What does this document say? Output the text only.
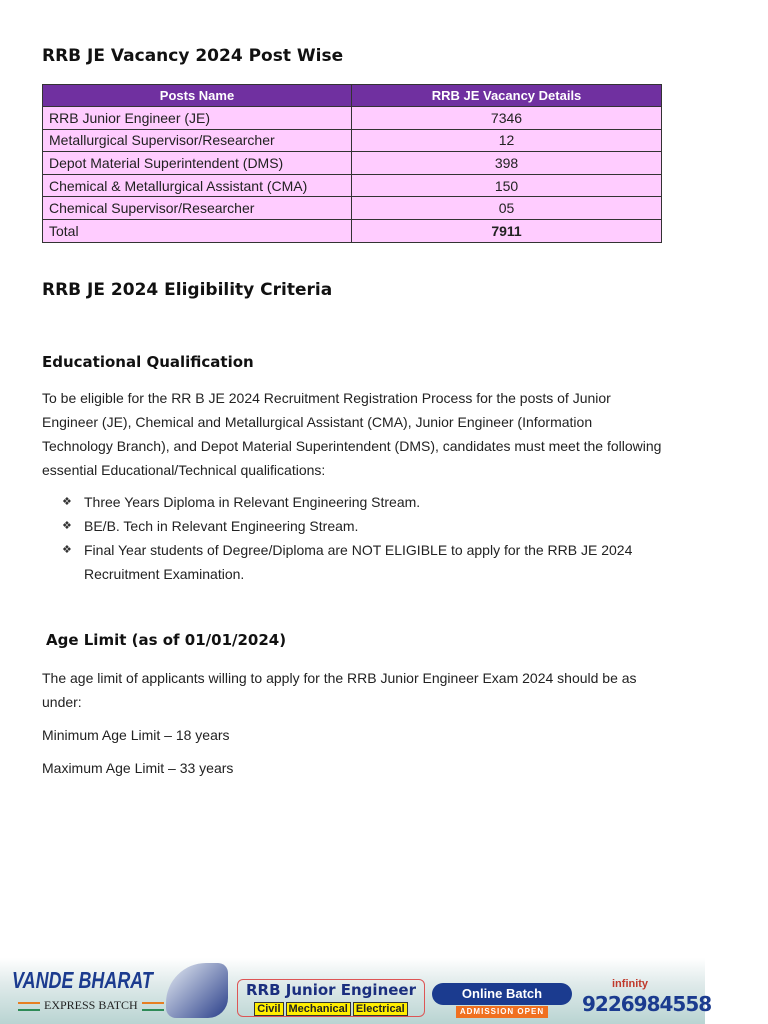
RRB JE Vacancy 2024 Post Wise
Posts Name	RRB JE Vacancy Details
RRB Junior Engineer (JE)	7346
Metallurgical Supervisor/Researcher	12
Depot Material Superintendent (DMS)	398
Chemical & Metallurgical Assistant (CMA)	150
Chemical Supervisor/Researcher	05
Total	7911
RRB JE 2024 Eligibility Criteria
Educational Qualification

To be eligible for the RR B JE 2024 Recruitment Registration Process for the posts of Junior Engineer (JE), Chemical and Metallurgical Assistant (CMA), Junior Engineer (Information Technology Branch), and Depot Material Superintendent (DMS), candidates must meet the following essential Educational/Technical qualifications:

❖ Three Years Diploma in Relevant Engineering Stream.
❖ BE/B. Tech in Relevant Engineering Stream.
❖ Final Year students of Degree/Diploma are NOT ELIGIBLE to apply for the RRB JE 2024 Recruitment Examination.
Age Limit (as of 01/01/2024)

The age limit of applicants willing to apply for the RRB Junior Engineer Exam 2024 should be as under:

Minimum Age Limit – 18 years

Maximum Age Limit – 33 years

VANDE BHARAT
EXPRESS BATCH
RRB Junior Engineer
Civil Mechanical Electrical
Online Batch
ADMISSION OPEN
infinity
9226984558
